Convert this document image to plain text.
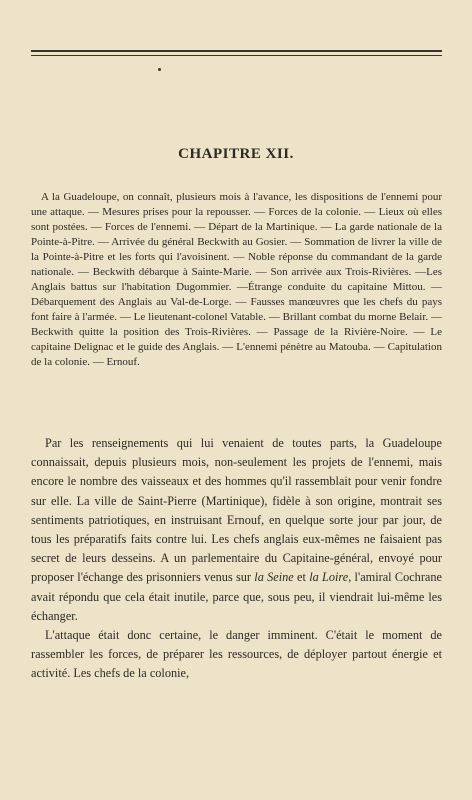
CHAPITRE XII.

A la Guadeloupe, on connaît, plusieurs mois à l'avance, les dispositions de l'ennemi pour une attaque. — Mesures prises pour la repousser. — Forces de la colonie. — Lieux où elles sont postées. — Forces de l'ennemi. — Départ de la Martinique. — La garde nationale de la Pointe-à-Pitre. — Arrivée du général Beckwith au Gosier. — Sommation de livrer la ville de la Pointe-à-Pitre et les forts qui l'avoisinent. — Noble réponse du commandant de la garde nationale. — Beckwith débarque à Sainte-Marie. — Son arrivée aux Trois-Rivières. —Les Anglais battus sur l'habitation Dugommier. —Étrange conduite du capitaine Mittou. — Débarquement des Anglais au Val-de-Lorge. — Fausses manœuvres que les chefs du pays font faire à l'armée. — Le lieutenant-colonel Vatable. — Brillant combat du morne Belair. —Beckwith quitte la position des Trois-Rivières. — Passage de la Rivière-Noire. — Le capitaine Delignac et le guide des Anglais. — L'ennemi pénètre au Matouba. — Capitulation de la colonie. — Ernouf.

Par les renseignements qui lui venaient de toutes parts, la Guadeloupe connaissait, depuis plusieurs mois, non-seulement les projets de l'ennemi, mais encore le nombre des vaisseaux et des hommes qu'il rassemblait pour venir fondre sur elle. La ville de Saint-Pierre (Martinique), fidèle à son origine, montrait ses sentiments patriotiques, en instruisant Ernouf, en quelque sorte jour par jour, de tous les préparatifs faits contre lui. Les chefs anglais eux-mêmes ne faisaient pas secret de leurs desseins. A un parlementaire du Capitaine-général, envoyé pour proposer l'échange des prisonniers venus sur la Seine et la Loire, l'amiral Cochrane avait répondu que cela était inutile, parce que, sous peu, il viendrait lui-même les échanger.

L'attaque était donc certaine, le danger imminent. C'était le moment de rassembler les forces, de préparer les ressources, de déployer partout énergie et activité. Les chefs de la colonie,
